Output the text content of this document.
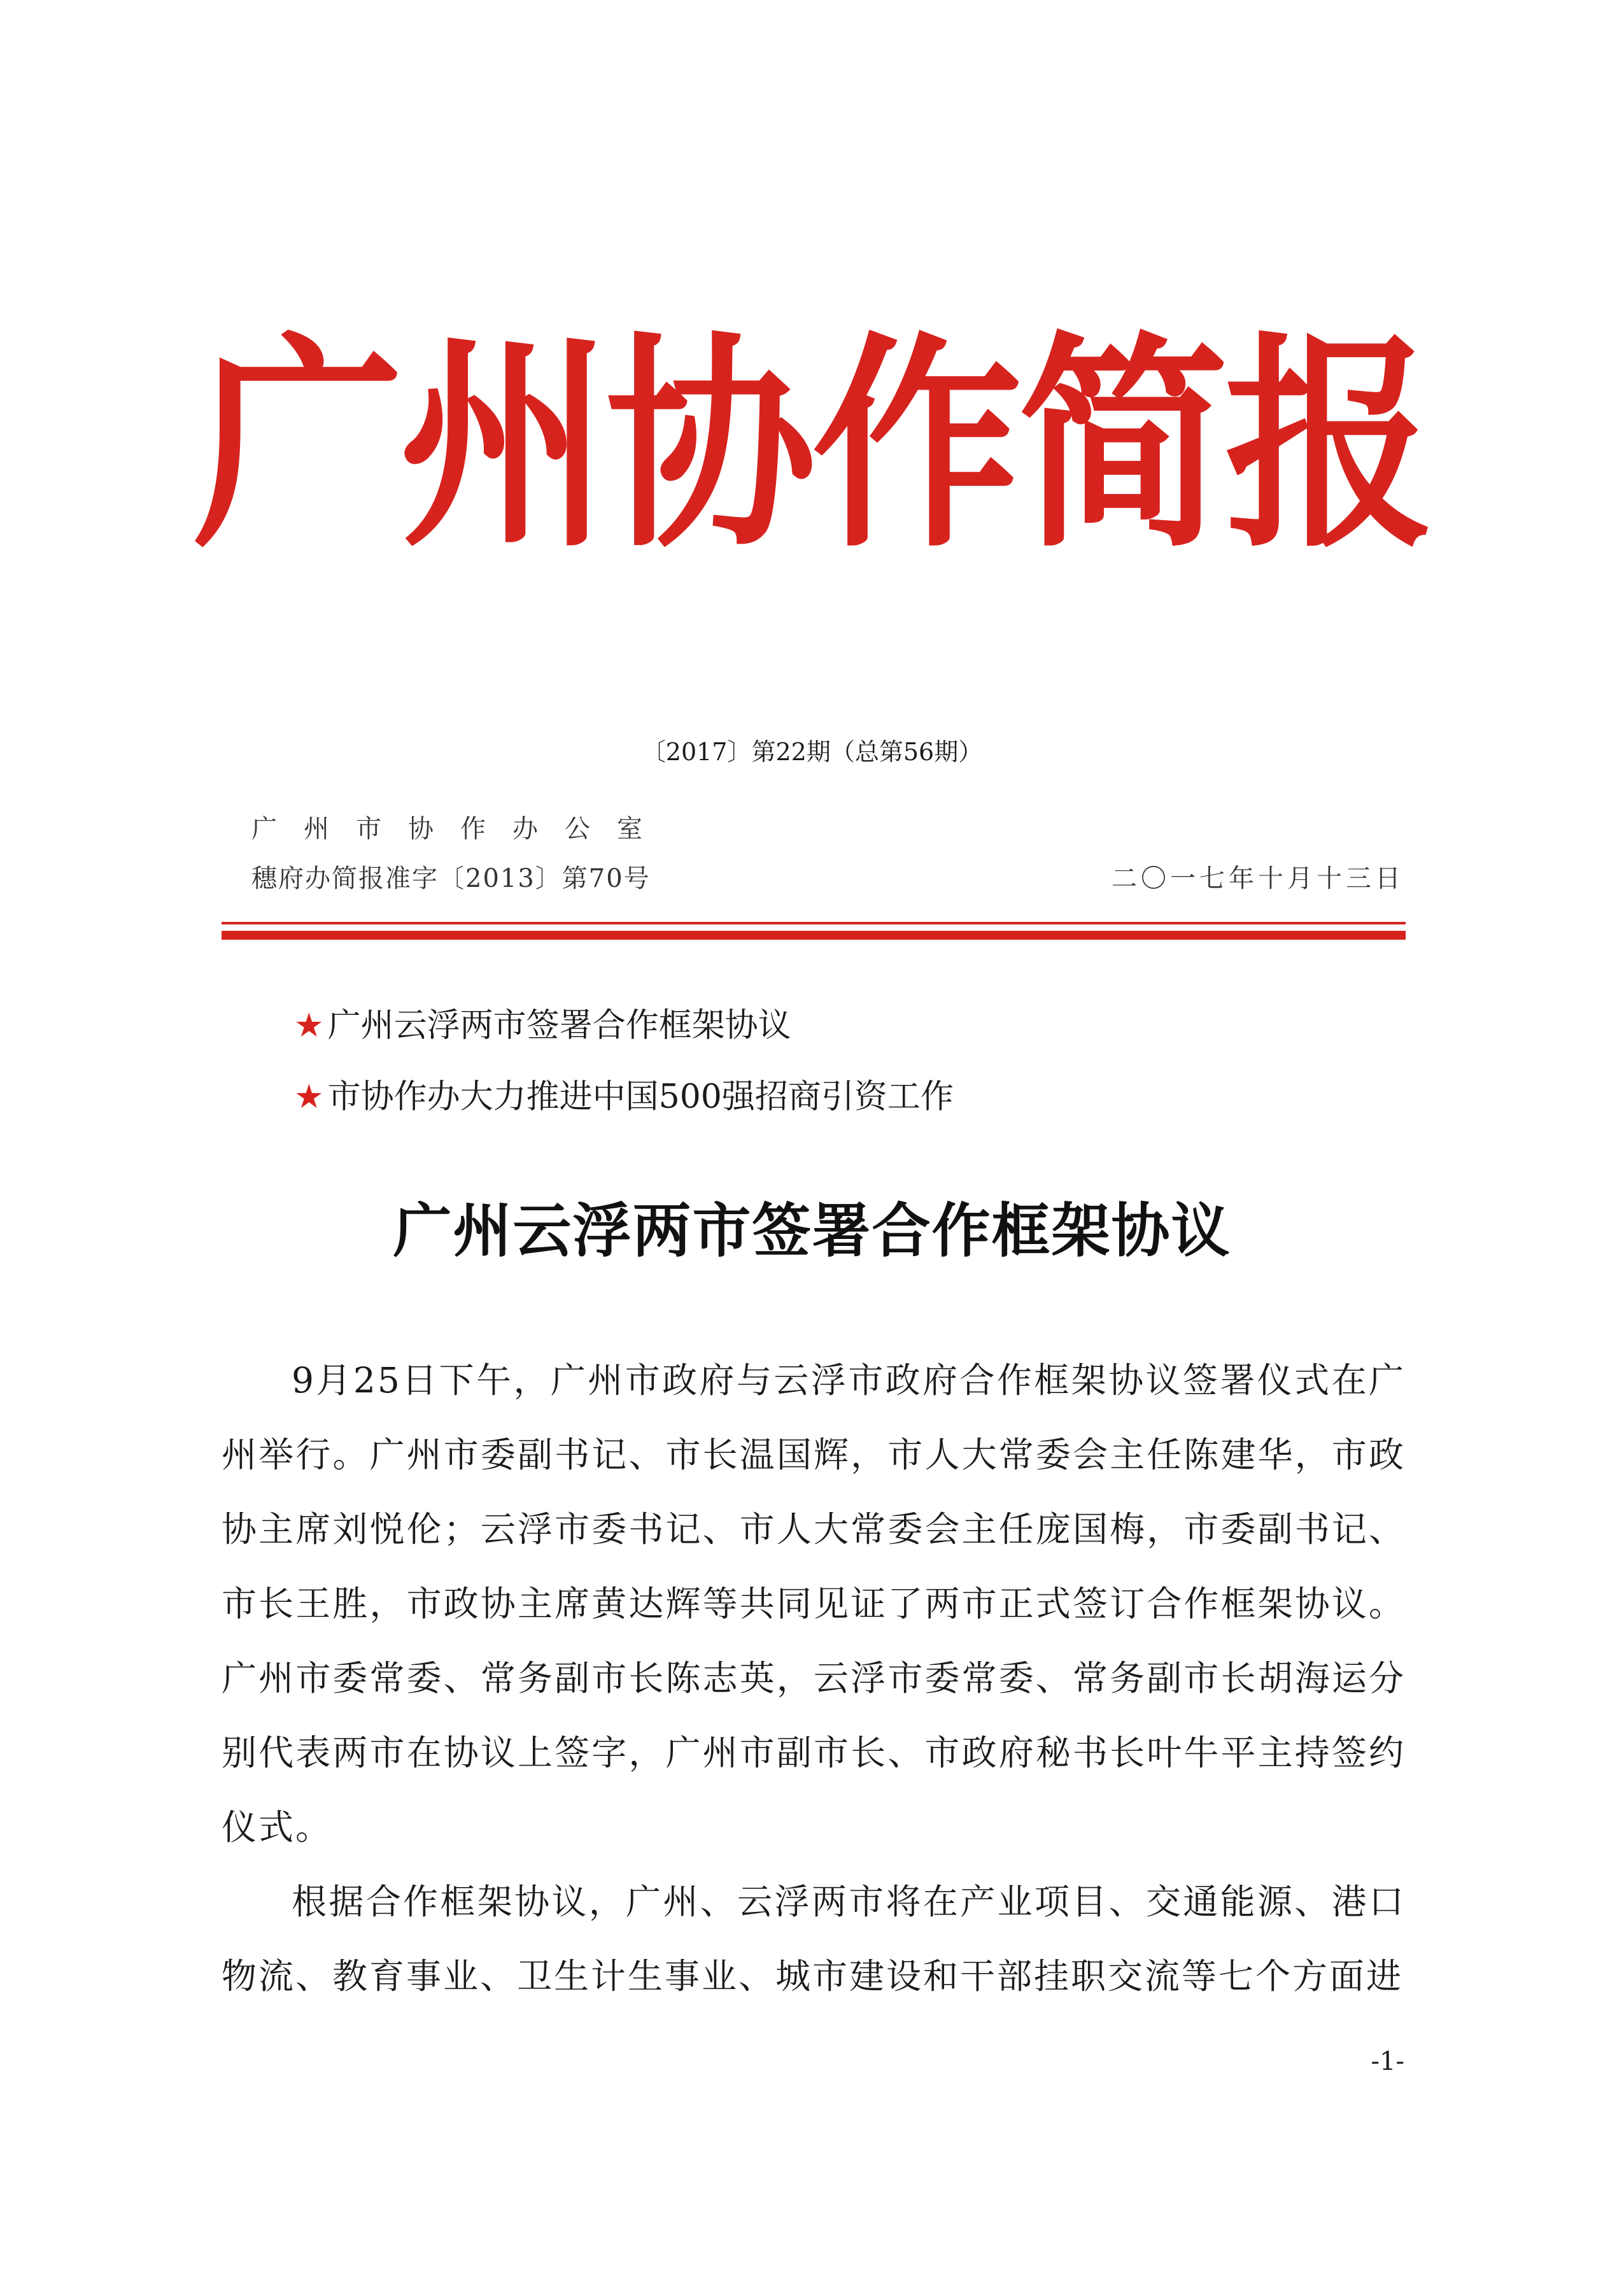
广州协作简报
〔2017〕第22期（总第56期）
广州市协作办公室
穗府办简报准字〔2013〕第70号	二〇一七年十月十三日
★ 广州云浮两市签署合作框架协议
★ 市协作办大力推进中国500强招商引资工作
广州云浮两市签署合作框架协议

9月25日下午，广州市政府与云浮市政府合作框架协议签署仪式在广州举行。广州市委副书记、市长温国辉，市人大常委会主任陈建华，市政协主席刘悦伦；云浮市委书记、市人大常委会主任庞国梅，市委副书记、市长王胜，市政协主席黄达辉等共同见证了两市正式签订合作框架协议。广州市委常委、常务副市长陈志英，云浮市委常委、常务副市长胡海运分别代表两市在协议上签字，广州市副市长、市政府秘书长叶牛平主持签约仪式。

根据合作框架协议，广州、云浮两市将在产业项目、交通能源、港口物流、教育事业、卫生计生事业、城市建设和干部挂职交流等七个方面进

-1-
